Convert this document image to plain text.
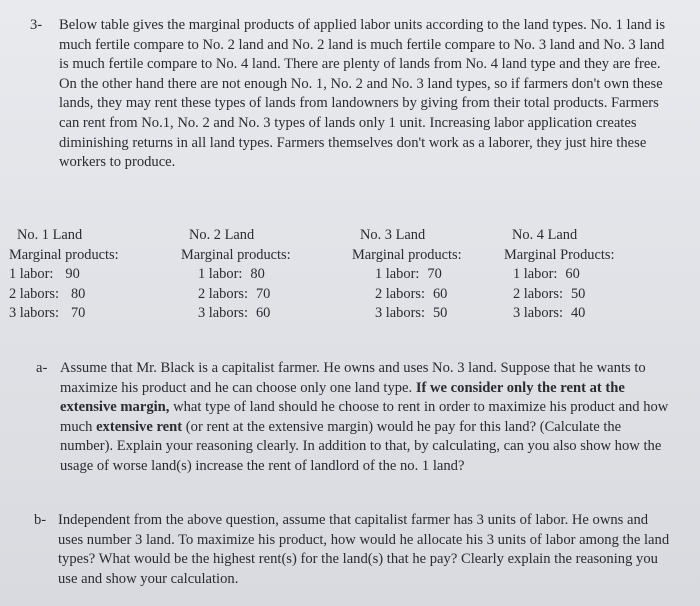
3- Below table gives the marginal products of applied labor units according to the land types. No. 1 land is much fertile compare to No. 2 land and No. 2 land is much fertile compare to No. 3 land and No. 3 land is much fertile compare to No. 4 land. There are plenty of lands from No. 4 land type and they are free. On the other hand there are not enough No. 1, No. 2 and No. 3 land types, so if farmers don't own these lands, they may rent these types of lands from landowners by giving from their total products. Farmers can rent from No.1, No. 2 and No. 3 types of lands only 1 unit. Increasing labor application creates diminishing returns in all land types. Farmers themselves don't work as a laborer, they just hire these workers to produce.
No. 1 Land
Marginal products:
1 labor: 90
2 labors: 80
3 labors: 70
No. 2 Land
Marginal products:
1 labor: 80
2 labors: 70
3 labors: 60
No. 3 Land
Marginal products:
1 labor: 70
2 labors: 60
3 labors: 50
No. 4 Land
Marginal Products:
1 labor: 60
2 labors: 50
3 labors: 40
a- Assume that Mr. Black is a capitalist farmer. He owns and uses No. 3 land. Suppose that he wants to maximize his product and he can choose only one land type. If we consider only the rent at the extensive margin, what type of land should he choose to rent in order to maximize his product and how much extensive rent (or rent at the extensive margin) would he pay for this land? (Calculate the number). Explain your reasoning clearly. In addition to that, by calculating, can you also show how the usage of worse land(s) increase the rent of landlord of the no. 1 land?
b- Independent from the above question, assume that capitalist farmer has 3 units of labor. He owns and uses number 3 land. To maximize his product, how would he allocate his 3 units of labor among the land types? What would be the highest rent(s) for the land(s) that he pay? Clearly explain the reasoning you use and show your calculation.
